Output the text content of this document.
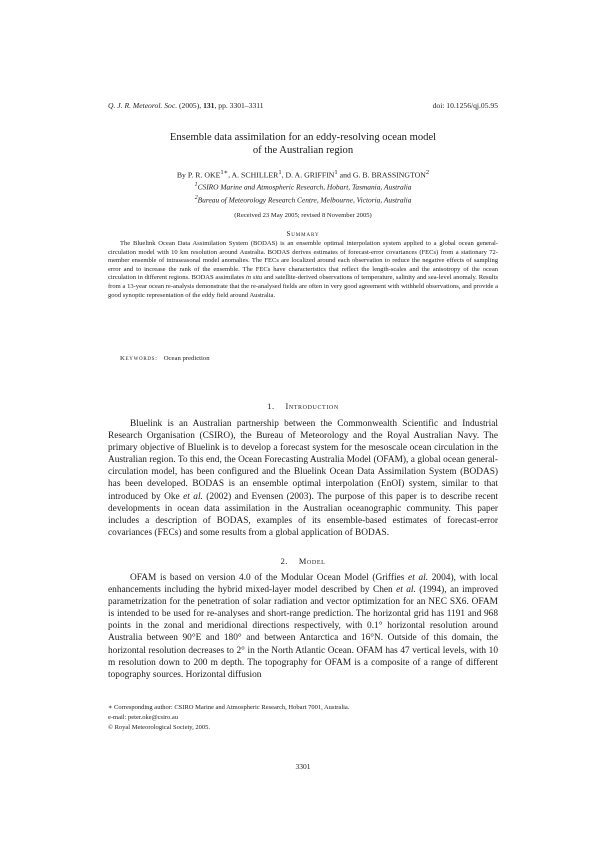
Q. J. R. Meteorol. Soc. (2005), 131, pp. 3301–3311	doi: 10.1256/qj.05.95
Ensemble data assimilation for an eddy-resolving ocean model
of the Australian region
By P. R. $OKE^{1∗}$, A. SCHILLER$^1$, D. A. GRIFFIN$^1$ and G. B. BRASSINGTON$^2$
$^1$CSIRO Marine and Atmospheric Research, Hobart, Tasmania, Australia
$^2$Bureau of Meteorology Research Centre, Melbourne, Victoria, Australia
(Received 23 May 2005; revised 8 November 2005)
Summary

The Bluelink Ocean Data Assimilation System (BODAS) is an ensemble optimal interpolation system applied to a global ocean general-circulation model with 10 km resolution around Australia. BODAS derives estimates of forecast-error covariances (FECs) from a stationary 72-member ensemble of intraseasonal model anomalies. The FECs are localized around each observation to reduce the negative effects of sampling error and to increase the rank of the ensemble. The FECs have characteristics that reflect the length-scales and the anisotropy of the ocean circulation in different regions. BODAS assimilates in situ and satellite-derived observations of temperature, salinity and sea-level anomaly. Results from a 13-year ocean re-analysis demonstrate that the re-analysed fields are often in very good agreement with withheld observations, and provide a good synoptic representation of the eddy field around Australia.

Keywords: Ocean prediction
1. Introduction

Bluelink is an Australian partnership between the Commonwealth Scientific and Industrial Research Organisation (CSIRO), the Bureau of Meteorology and the Royal Australian Navy. The primary objective of Bluelink is to develop a forecast system for the mesoscale ocean circulation in the Australian region. To this end, the Ocean Forecasting Australia Model (OFAM), a global ocean general-circulation model, has been configured and the Bluelink Ocean Data Assimilation System (BODAS) has been developed. BODAS is an ensemble optimal interpolation (EnOI) system, similar to that introduced by Oke et al. (2002) and Evensen (2003). The purpose of this paper is to describe recent developments in ocean data assimilation in the Australian oceanographic community. This paper includes a description of BODAS, examples of its ensemble-based estimates of forecast-error covariances (FECs) and some results from a global application of BODAS.

2. Model

OFAM is based on version 4.0 of the Modular Ocean Model (Griffies et al. 2004), with local enhancements including the hybrid mixed-layer model described by Chen et al. (1994), an improved parametrization for the penetration of solar radiation and vector optimization for an NEC SX6. OFAM is intended to be used for re-analyses and short-range prediction. The horizontal grid has 1191 and 968 points in the zonal and meridional directions respectively, with 0.1° horizontal resolution around Australia between 90°E and 180° and between Antarctica and 16°N. Outside of this domain, the horizontal resolution decreases to 2° in the North Atlantic Ocean. OFAM has 47 vertical levels, with 10 m resolution down to 200 m depth. The topography for OFAM is a composite of a range of different topography sources. Horizontal diffusion

∗ Corresponding author: CSIRO Marine and Atmospheric Research, Hobart 7001, Australia.
e-mail: peter.oke@csiro.au
© Royal Meteorological Society, 2005.
3301
